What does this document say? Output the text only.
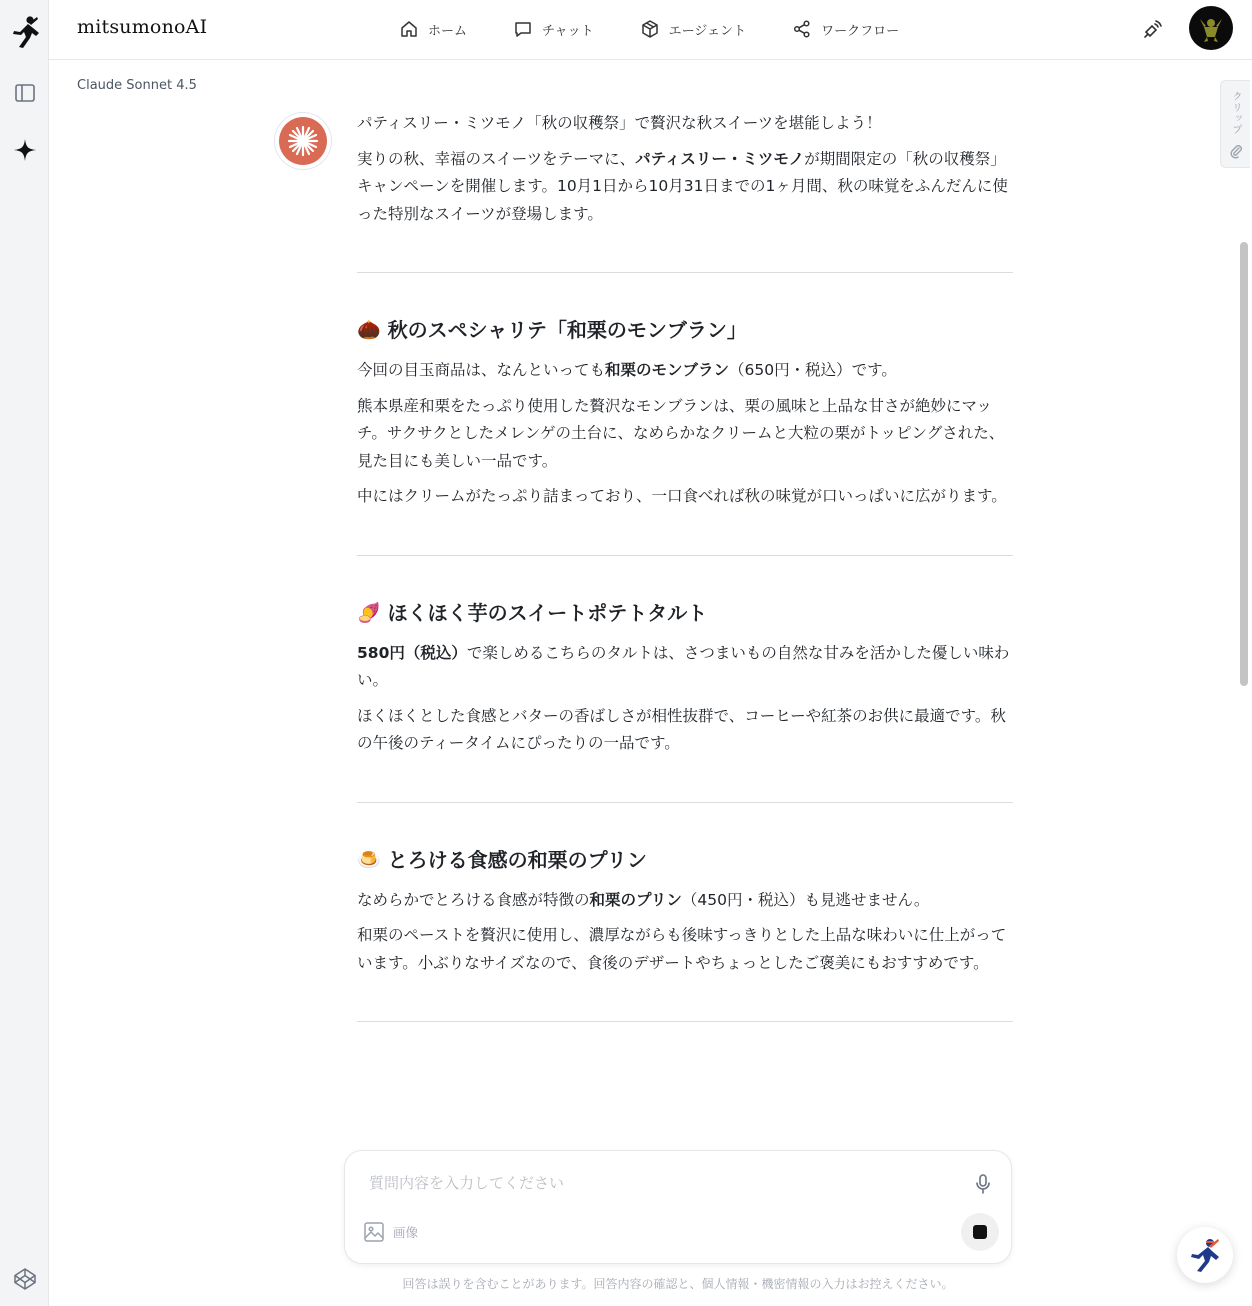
mitsumonoAI	ホーム	チャット	エージェント	ワークフロー
Claude Sonnet 4.5
クリップ

パティスリー・ミツモノ「秋の収穫祭」で贅沢な秋スイーツを堪能しよう！

実りの秋、幸福のスイーツをテーマに、パティスリー・ミツモノが期間限定の「秋の収穫祭」キャンペーンを開催します。10月1日から10月31日までの1ヶ月間、秋の味覚をふんだんに使った特別なスイーツが登場します。

🌰 秋のスペシャリテ「和栗のモンブラン」

今回の目玉商品は、なんといっても和栗のモンブラン（650円・税込）です。

熊本県産和栗をたっぷり使用した贅沢なモンブランは、栗の風味と上品な甘さが絶妙にマッチ。サクサクとしたメレンゲの土台に、なめらかなクリームと大粒の栗がトッピングされた、見た目にも美しい一品です。

中にはクリームがたっぷり詰まっており、一口食べれば秋の味覚が口いっぱいに広がります。

🍠 ほくほく芋のスイートポテトタルト

580円（税込）で楽しめるこちらのタルトは、さつまいもの自然な甘みを活かした優しい味わい。

ほくほくとした食感とバターの香ばしさが相性抜群で、コーヒーや紅茶のお供に最適です。秋の午後のティータイムにぴったりの一品です。

🍮 とろける食感の和栗のプリン

なめらかでとろける食感が特徴の和栗のプリン（450円・税込）も見逃せません。

和栗のペーストを贅沢に使用し、濃厚ながらも後味すっきりとした上品な味わいに仕上がっています。小ぶりなサイズなので、食後のデザートやちょっとしたご褒美にもおすすめです。

質問内容を入力してください
画像
回答は誤りを含むことがあります。回答内容の確認と、個人情報・機密情報の入力はお控えください。
